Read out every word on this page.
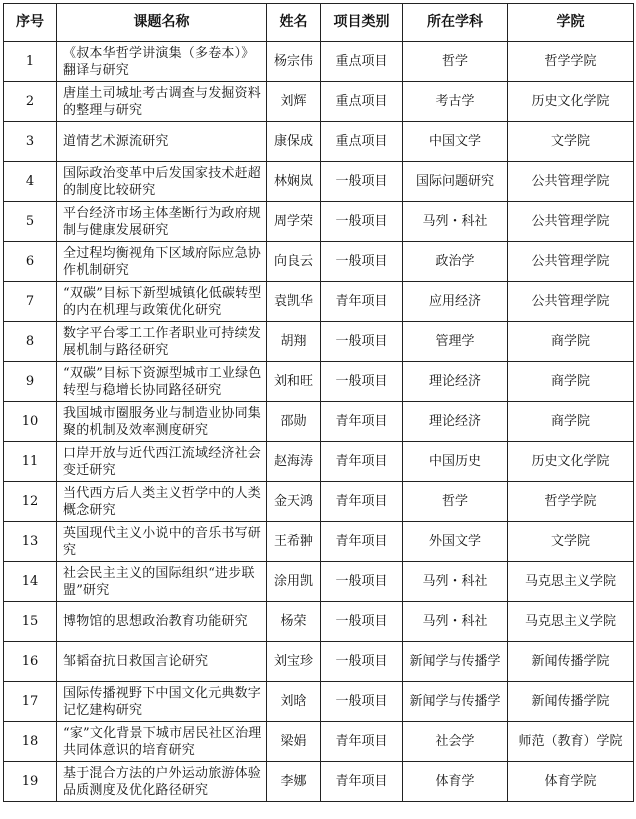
序号	课题名称	姓名	项目类别	所在学科	学院
1	《叔本华哲学讲演集（多卷本）》翻译与研究	杨宗伟	重点项目	哲学	哲学学院
2	唐崖土司城址考古调查与发掘资料的整理与研究	刘辉	重点项目	考古学	历史文化学院
3	道情艺术源流研究	康保成	重点项目	中国文学	文学院
4	国际政治变革中后发国家技术赶超的制度比较研究	林娴岚	一般项目	国际问题研究	公共管理学院
5	平台经济市场主体垄断行为政府规制与健康发展研究	周学荣	一般项目	马列・科社	公共管理学院
6	全过程均衡视角下区域府际应急协作机制研究	向良云	一般项目	政治学	公共管理学院
7	“双碳”目标下新型城镇化低碳转型的内在机理与政策优化研究	袁凯华	青年项目	应用经济	公共管理学院
8	数字平台零工工作者职业可持续发展机制与路径研究	胡翔	一般项目	管理学	商学院
9	“双碳”目标下资源型城市工业绿色转型与稳增长协同路径研究	刘和旺	一般项目	理论经济	商学院
10	我国城市圈服务业与制造业协同集聚的机制及效率测度研究	邵勋	青年项目	理论经济	商学院
11	口岸开放与近代西江流域经济社会变迁研究	赵海涛	青年项目	中国历史	历史文化学院
12	当代西方后人类主义哲学中的人类概念研究	金天鸿	青年项目	哲学	哲学学院
13	英国现代主义小说中的音乐书写研究	王希翀	青年项目	外国文学	文学院
14	社会民主主义的国际组织“进步联盟”研究	涂用凯	一般项目	马列・科社	马克思主义学院
15	博物馆的思想政治教育功能研究	杨荣	一般项目	马列・科社	马克思主义学院
16	邹韬奋抗日救国言论研究	刘宝珍	一般项目	新闻学与传播学	新闻传播学院
17	国际传播视野下中国文化元典数字记忆建构研究	刘晗	一般项目	新闻学与传播学	新闻传播学院
18	“家”文化背景下城市居民社区治理共同体意识的培育研究	梁娟	青年项目	社会学	师范（教育）学院
19	基于混合方法的户外运动旅游体验品质测度及优化路径研究	李娜	青年项目	体育学	体育学院
